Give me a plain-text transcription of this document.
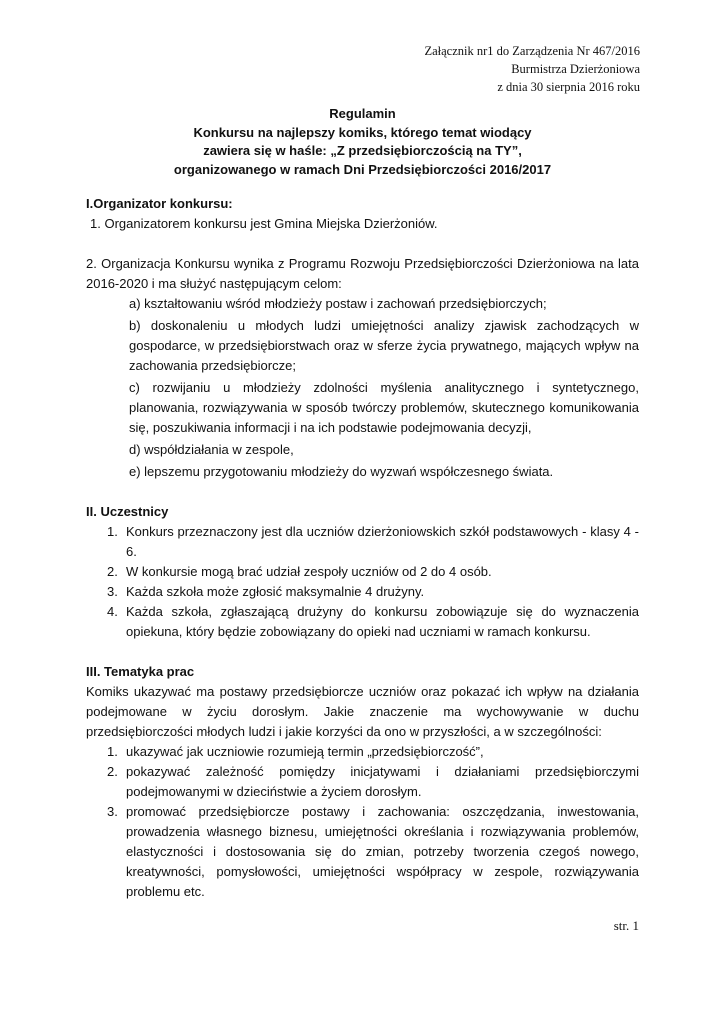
Załącznik nr1 do Zarządzenia Nr 467/2016
Burmistrza Dzierżoniowa
z dnia 30 sierpnia 2016 roku
Regulamin
Konkursu na najlepszy komiks, którego temat wiodący
zawiera się w haśle: „Z przedsiębiorczością na TY”,
organizowanego w ramach Dni Przedsiębiorczości 2016/2017

I.Organizator konkursu:

1. Organizatorem konkursu jest Gmina Miejska Dzierżoniów.

2. Organizacja Konkursu wynika z Programu Rozwoju Przedsiębiorczości Dzierżoniowa na lata 2016-2020 i ma służyć następującym celom:

a) kształtowaniu wśród młodzieży postaw i zachowań przedsiębiorczych;

b) doskonaleniu u młodych ludzi umiejętności analizy zjawisk zachodzących w gospodarce, w przedsiębiorstwach oraz w sferze życia prywatnego, mających wpływ na zachowania przedsiębiorcze;

c) rozwijaniu u młodzieży zdolności myślenia analitycznego i syntetycznego, planowania, rozwiązywania w sposób twórczy problemów, skutecznego komunikowania się, poszukiwania informacji i na ich podstawie podejmowania decyzji,

d) współdziałania w zespole,

e) lepszemu przygotowaniu młodzieży do wyzwań współczesnego świata.

II. Uczestnicy

1. Konkurs przeznaczony jest dla uczniów dzierżoniowskich szkół podstawowych - klasy 4 - 6.
2. W konkursie mogą brać udział zespoły uczniów od 2 do 4 osób.
3. Każda szkoła może zgłosić maksymalnie 4 drużyny.
4. Każda szkoła, zgłaszającą drużyny do konkursu zobowiązuje się do wyznaczenia opiekuna, który będzie zobowiązany do opieki nad uczniami w ramach konkursu.

III. Tematyka prac

Komiks ukazywać ma postawy przedsiębiorcze uczniów oraz pokazać ich wpływ na działania podejmowane w życiu dorosłym. Jakie znaczenie ma wychowywanie w duchu przedsiębiorczości młodych ludzi i jakie korzyści da ono w przyszłości, a w szczególności:

1. ukazywać jak uczniowie rozumieją termin „przedsiębiorczość”,
2. pokazywać zależność pomiędzy inicjatywami i działaniami przedsiębiorczymi podejmowanymi w dzieciństwie a życiem dorosłym.
3. promować przedsiębiorcze postawy i zachowania: oszczędzania, inwestowania, prowadzenia własnego biznesu, umiejętności określania i rozwiązywania problemów, elastyczności i dostosowania się do zmian, potrzeby tworzenia czegoś nowego, kreatywności, pomysłowości, umiejętności współpracy w zespole, rozwiązywania problemu etc.
str. 1
